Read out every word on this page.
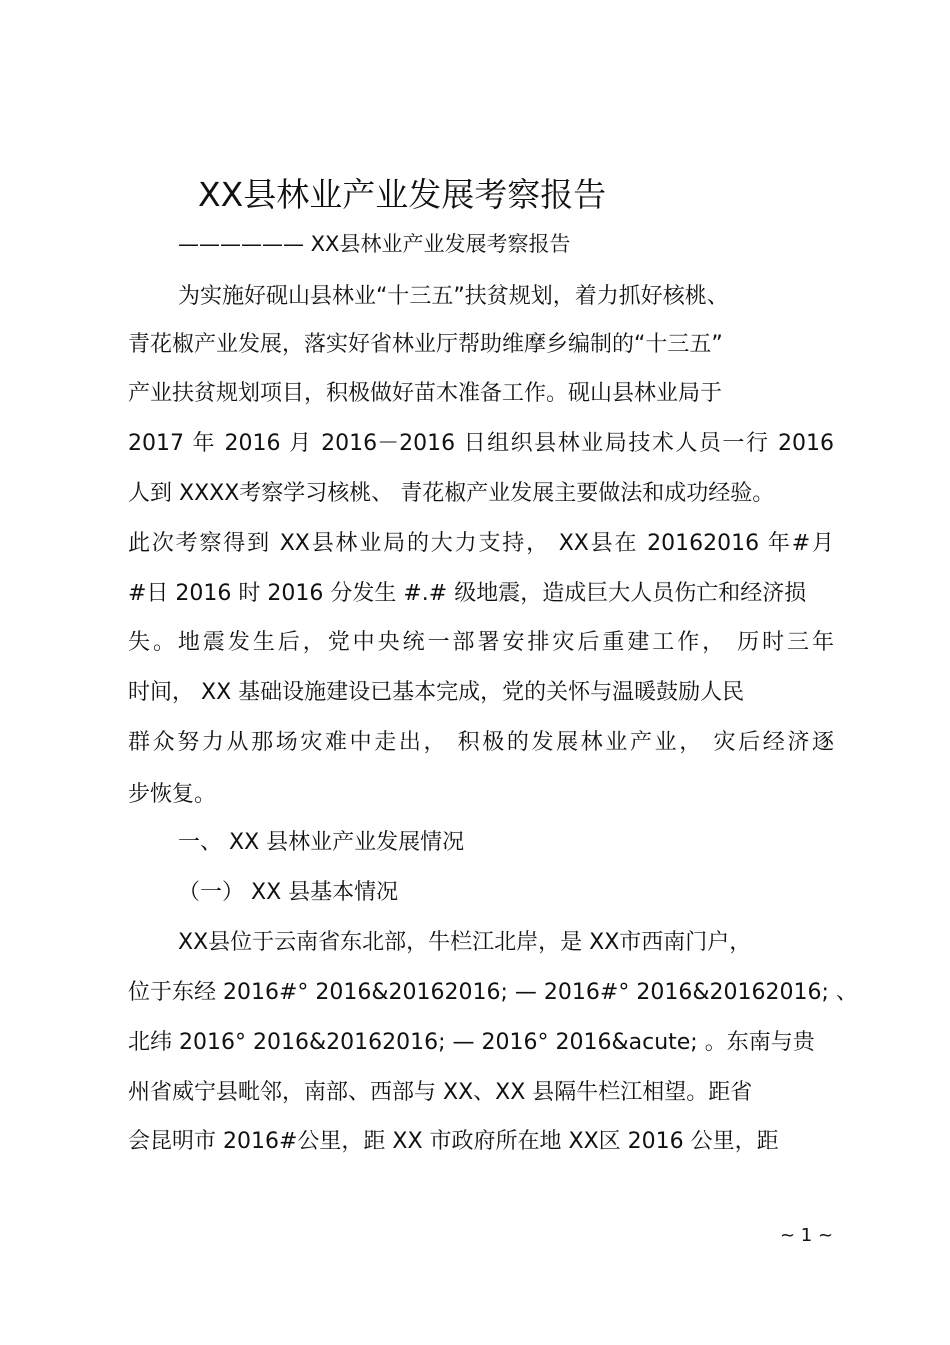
XX县林业产业发展考察报告
—————— XX县林业产业发展考察报告
为实施好砚山县林业“十三五”扶贫规划，着力抓好核桃、
青花椒产业发展，落实好省林业厅帮助维摩乡编制的“十三五”
产业扶贫规划项目，积极做好苗木准备工作。砚山县林业局于
2017 年 2016 月 2016－2016 日组织县林业局技术人员一行 2016
人到 XXXX考察学习核桃、 青花椒产业发展主要做法和成功经验。
此次考察得到 XX县林业局的大力支持， XX县在 20162016 年#月
#日 2016 时 2016 分发生 #.# 级地震，造成巨大人员伤亡和经济损
失。地震发生后，党中央统一部署安排灾后重建工作， 历时三年
时间， XX 基础设施建设已基本完成，党的关怀与温暖鼓励人民
群众努力从那场灾难中走出， 积极的发展林业产业， 灾后经济逐
步恢复。
一、 XX 县林业产业发展情况
（一） XX 县基本情况
XX县位于云南省东北部，牛栏江北岸，是 XX市西南门户，
位于东经 2016#° 2016&20162016; — 2016#° 2016&20162016; 、
北纬 2016° 2016&20162016; — 2016° 2016&acute; 。东南与贵
州省威宁县毗邻，南部、西部与 XX、XX 县隔牛栏江相望。距省
会昆明市 2016#公里，距 XX 市政府所在地 XX区 2016 公里，距
~ 1 ~
